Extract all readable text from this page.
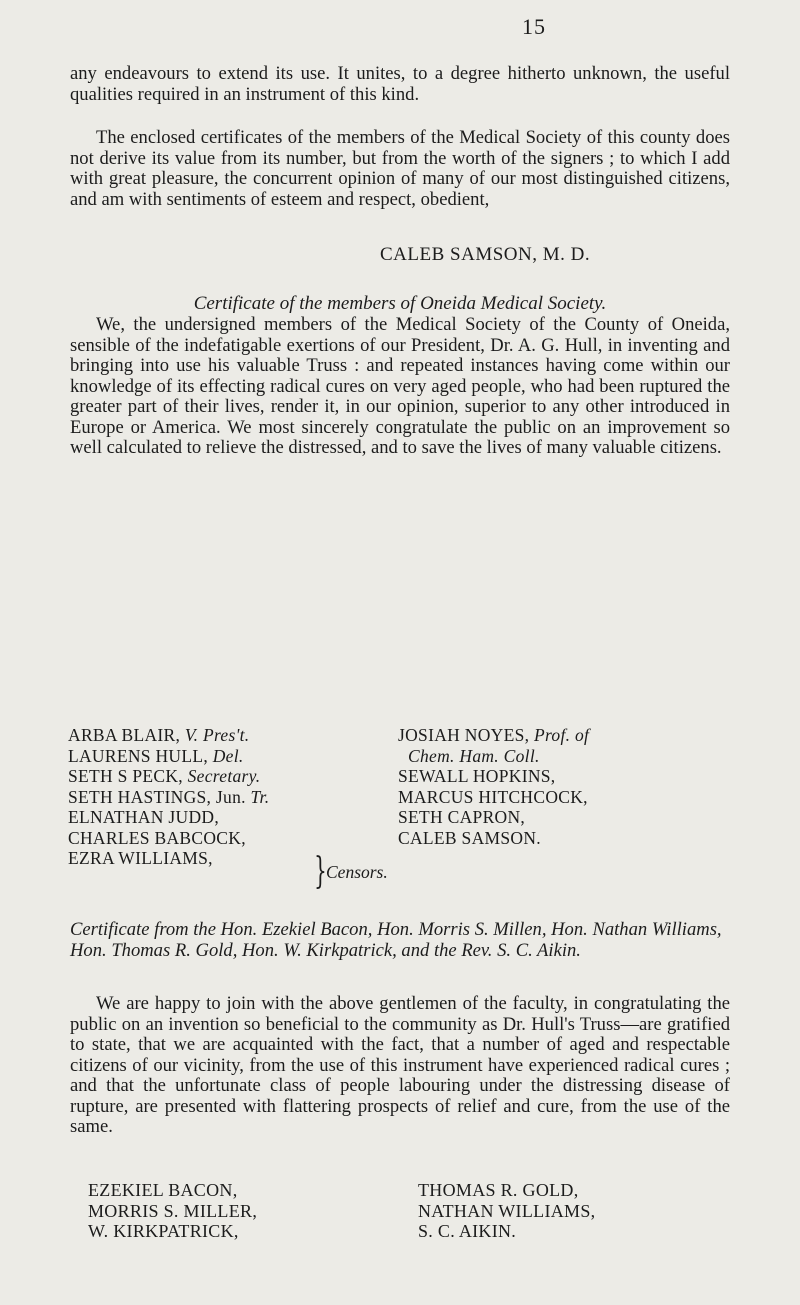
15

any endeavours to extend its use. It unites, to a degree hitherto unknown, the useful qualities required in an instrument of this kind.

The enclosed certificates of the members of the Medical Society of this county does not derive its value from its number, but from the worth of the signers ; to which I add with great pleasure, the concurrent opinion of many of our most distinguished citizens, and am with sentiments of esteem and respect, obedient,

CALEB SAMSON, M. D.
Certificate of the members of Oneida Medical Society.

We, the undersigned members of the Medical Society of the County of Oneida, sensible of the indefatigable exertions of our President, Dr. A. G. Hull, in inventing and bringing into use his valuable Truss : and repeated instances having come within our knowledge of its effecting radical cures on very aged people, who had been ruptured the greater part of their lives, render it, in our opinion, superior to any other introduced in Europe or America. We most sincerely congratulate the public on an improvement so well calculated to relieve the distressed, and to save the lives of many valuable citizens.

ARBA BLAIR, V. Pres't.
LAURENS HULL, Del.
SETH S PECK, Secretary.
SETH HASTINGS, Jun. Tr.
ELNATHAN JUDD,
CHARLES BABCOCK,
EZRA WILLIAMS,	} Censors.
JOSIAH NOYES, Prof. of
Chem. Ham. Coll.
SEWALL HOPKINS,
MARCUS HITCHCOCK,
SETH CAPRON,
CALEB SAMSON.

Certificate from the Hon. Ezekiel Bacon, Hon. Morris S. Millen, Hon. Nathan Williams, Hon. Thomas R. Gold, Hon. W. Kirkpatrick, and the Rev. S. C. Aikin.

We are happy to join with the above gentlemen of the faculty, in congratulating the public on an invention so beneficial to the community as Dr. Hull's Truss—are gratified to state, that we are acquainted with the fact, that a number of aged and respectable citizens of our vicinity, from the use of this instrument have experienced radical cures ; and that the unfortunate class of people labouring under the distressing disease of rupture, are presented with flattering prospects of relief and cure, from the use of the same.

EZEKIEL BACON,
MORRIS S. MILLER,
W. KIRKPATRICK,
THOMAS R. GOLD,
NATHAN WILLIAMS,
S. C. AIKIN.
